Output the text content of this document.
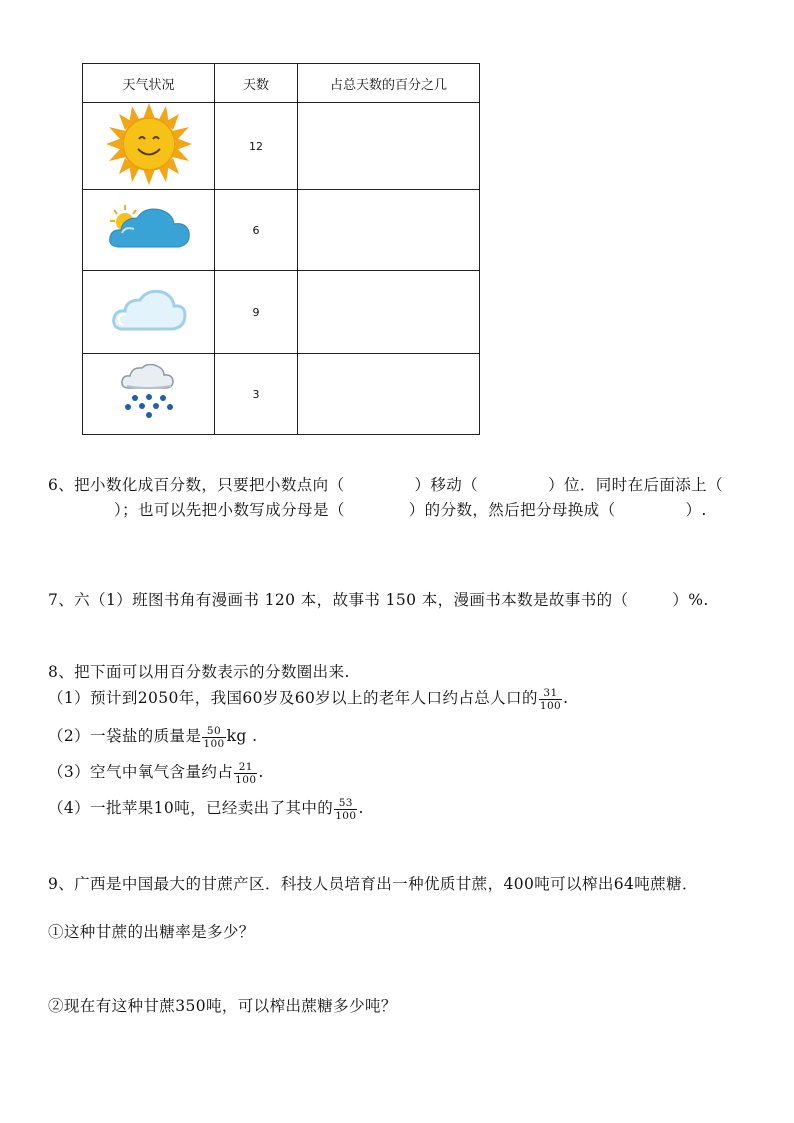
天气状况	天数	占总天数的百分之几
	12	
	6	
	9	
	3	
6、把小数化成百分数，只要把小数点向（	）移动（	）位．同时在后面添上（）；也可以先把小数写成分母是（	）的分数，然后把分母换成（	）.
7、六（1）班图书角有漫画书 120 本，故事书 150 本，漫画书本数是故事书的（	）%.
8、把下面可以用百分数表示的分数圈出来.
（1）预计到2050年，我国60岁及60岁以上的老年人口约占总人口的 $\frac{31}{100}$ .
（2）一袋盐的质量是 $\frac{50}{100}$ kg .
（3）空气中氧气含量约占 $\frac{21}{100}$ .
（4）一批苹果10吨，已经卖出了其中的 $\frac{53}{100}$ .
9、广西是中国最大的甘蔗产区．科技人员培育出一种优质甘蔗，400吨可以榨出64吨蔗糖．
①这种甘蔗的出糖率是多少？
②现在有这种甘蔗350吨，可以榨出蔗糖多少吨？
